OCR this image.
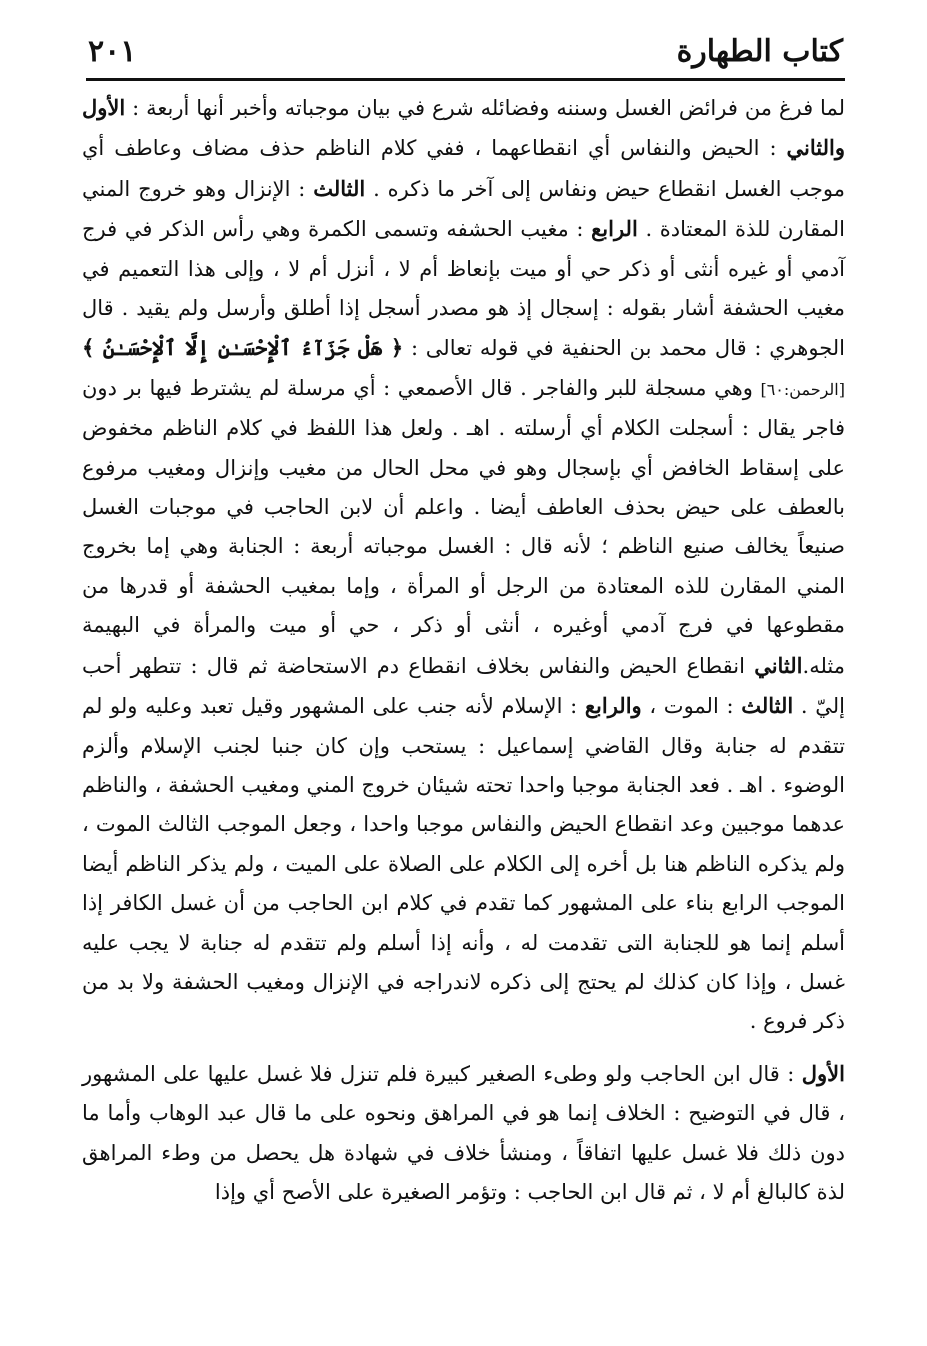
كتاب الطهارة
٢٠١

لما فرغ من فرائض الغسل وسننه وفضائله شرع في بيان موجباته وأخبر أنها أربعة : الأول والثاني : الحيض والنفاس أي انقطاعهما ، ففي كلام الناظم حذف مضاف وعاطف أي موجب الغسل انقطاع حيض ونفاس إلى آخر ما ذكره . الثالث : الإنزال وهو خروج المني المقارن للذة المعتادة . الرابع : مغيب الحشفه وتسمى الكمرة وهي رأس الذكر في فرج آدمي أو غيره أنثى أو ذكر حي أو ميت بإنعاظ أم لا ، أنزل أم لا ، وإلى هذا التعميم في مغيب الحشفة أشار بقوله : إسجال إذ هو مصدر أسجل إذا أطلق وأرسل ولم يقيد . قال الجوهري : قال محمد بن الحنفية في قوله تعالى : ﴿ هَلْ جَزَآءُ ٱلْإِحْسَـٰنِ إِلَّا ٱلْإِحْسَـٰنُ ﴾ [الرحمن:٦٠] وهي مسجلة للبر والفاجر . قال الأصمعي : أي مرسلة لم يشترط فيها بر دون فاجر يقال : أسجلت الكلام أي أرسلته . اهـ . ولعل هذا اللفظ في كلام الناظم مخفوض على إسقاط الخافض أي بإسجال وهو في محل الحال من مغيب وإنزال ومغيب مرفوع بالعطف على حيض بحذف العاطف أيضا . واعلم أن لابن الحاجب في موجبات الغسل صنيعاً يخالف صنيع الناظم ؛ لأنه قال : الغسل موجباته أربعة : الجنابة وهي إما بخروج المني المقارن للذه المعتادة من الرجل أو المرأة ، وإما بمغيب الحشفة أو قدرها من مقطوعها في فرج آدمي أوغيره ، أنثى أو ذكر ، حي أو ميت والمرأة في البهيمة مثله.الثاني انقطاع الحيض والنفاس بخلاف انقطاع دم الاستحاضة ثم قال : تتطهر أحب إليّ . الثالث : الموت ، والرابع : الإسلام لأنه جنب على المشهور وقيل تعبد وعليه ولو لم تتقدم له جنابة وقال القاضي إسماعيل : يستحب وإن كان جنبا لجنب الإسلام وألزم الوضوء . اهـ . فعد الجنابة موجبا واحدا تحته شيئان خروج المني ومغيب الحشفة ، والناظم عدهما موجبين وعد انقطاع الحيض والنفاس موجبا واحدا ، وجعل الموجب الثالث الموت ، ولم يذكره الناظم هنا بل أخره إلى الكلام على الصلاة على الميت ، ولم يذكر الناظم أيضا الموجب الرابع بناء على المشهور كما تقدم في كلام ابن الحاجب من أن غسل الكافر إذا أسلم إنما هو للجنابة التى تقدمت له ، وأنه إذا أسلم ولم تتقدم له جنابة لا يجب عليه غسل ، وإذا كان كذلك لم يحتج إلى ذكره لاندراجه في الإنزال ومغيب الحشفة ولا بد من ذكر فروع .

الأول : قال ابن الحاجب ولو وطىء الصغير كبيرة فلم تنزل فلا غسل عليها على المشهور ، قال في التوضيح : الخلاف إنما هو في المراهق ونحوه على ما قال عبد الوهاب وأما ما دون ذلك فلا غسل عليها اتفاقاً ، ومنشأ خلاف في شهادة هل يحصل من وطء المراهق لذة كالبالغ أم لا ، ثم قال ابن الحاجب : وتؤمر الصغيرة على الأصح أي وإذا
